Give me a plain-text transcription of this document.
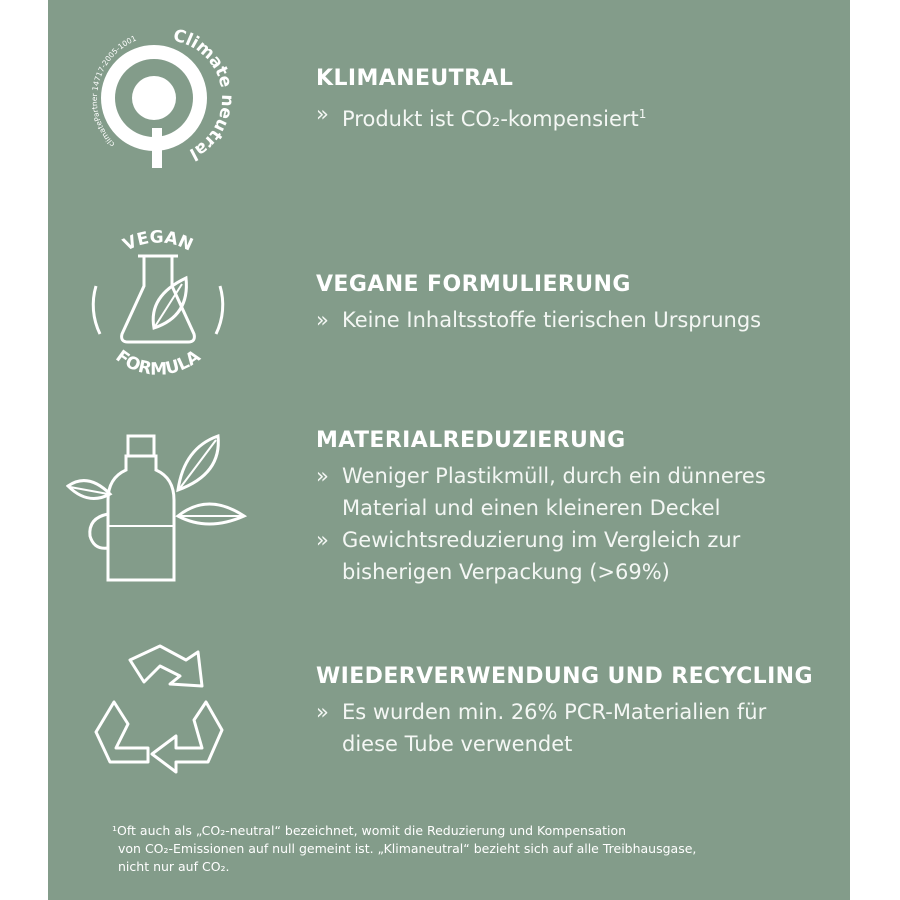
Climate neutral
climatePartner 14717-2005-1001
VEGAN
FORMULA
KLIMANEUTRAL
» Produkt ist CO₂-kompensiert$^1$
VEGANE FORMULIERUNG
» Keine Inhaltsstoffe tierischen Ursprungs
MATERIALREDUZIERUNG
» Weniger Plastikmüll, durch ein dünneres Material und einen kleineren Deckel
» Gewichtsreduzierung im Vergleich zur bisherigen Verpackung (>69%)
WIEDERVERWENDUNG UND RECYCLING
» Es wurden min. 26% PCR-Materialien für diese Tube verwendet
¹Oft auch als „CO₂-neutral“ bezeichnet, womit die Reduzierung und Kompensation
von CO₂-Emissionen auf null gemeint ist. „Klimaneutral“ bezieht sich auf alle Treibhausgase,
nicht nur auf CO₂.
